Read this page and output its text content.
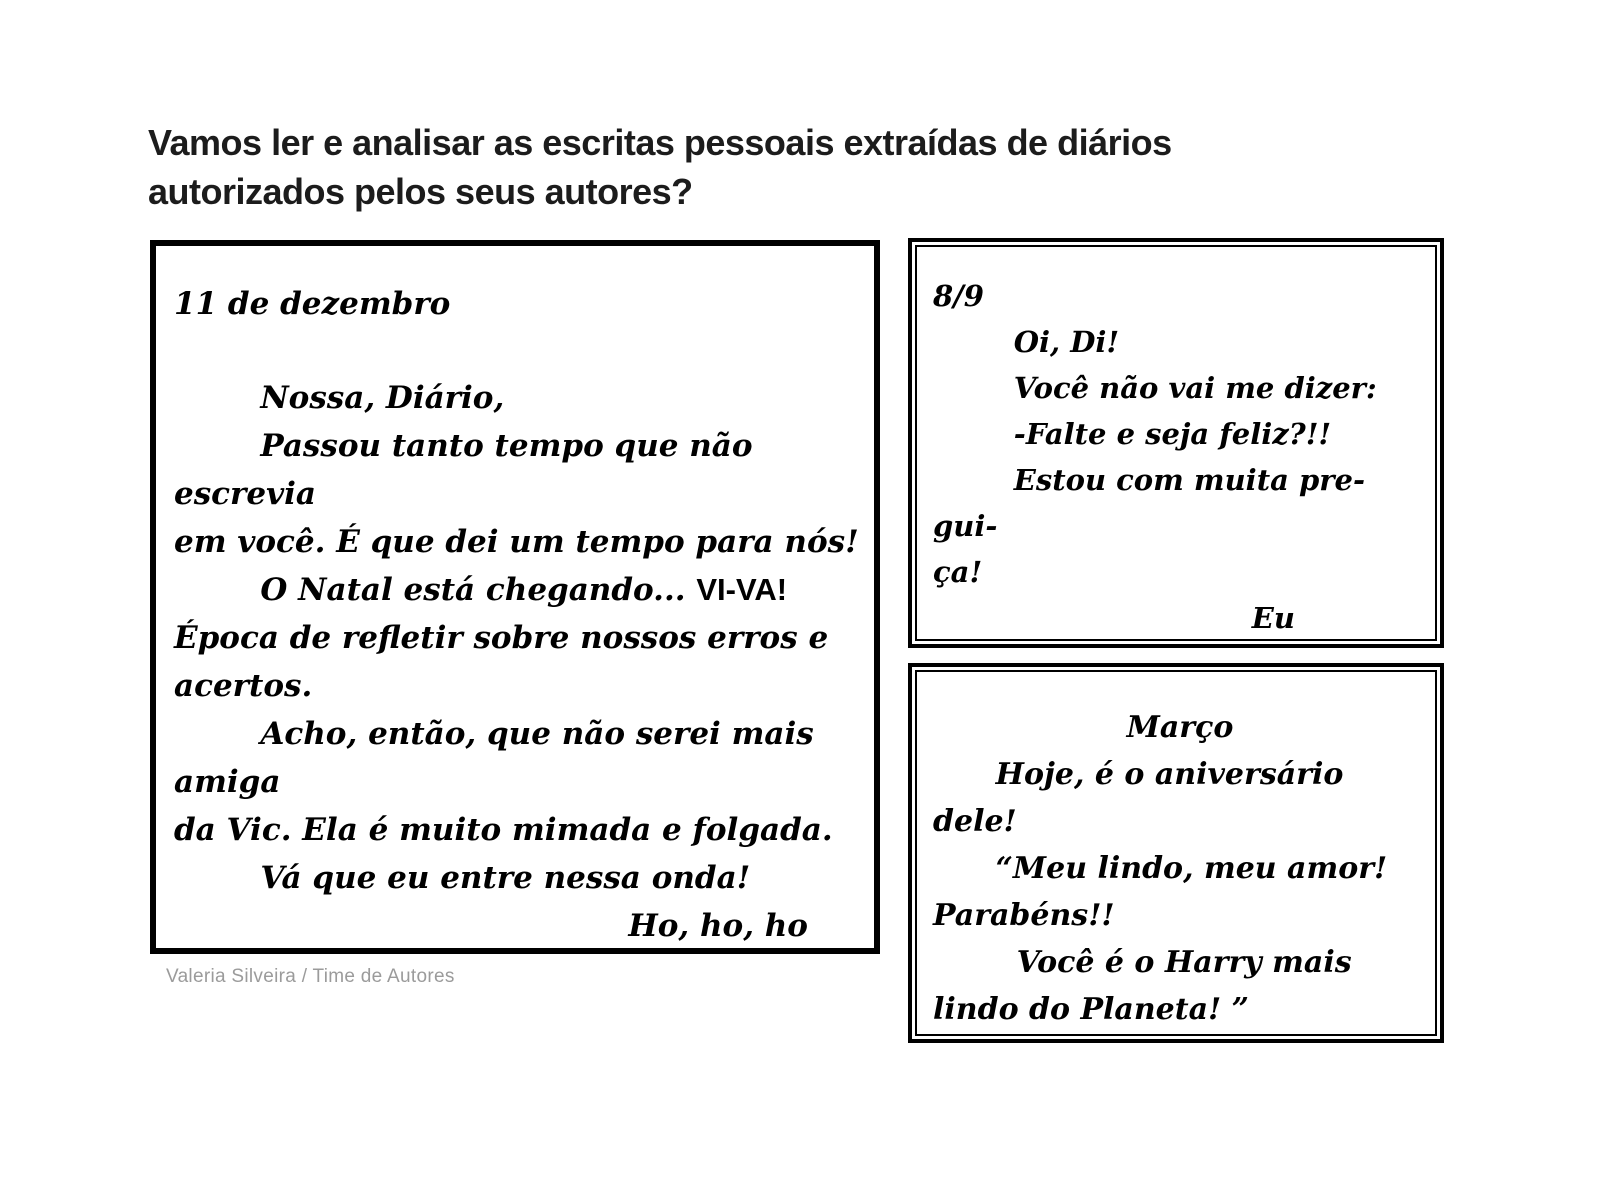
Vamos ler e analisar as escritas pessoais extraídas de diários
autorizados pelos seus autores?
11 de dezembro
Nossa, Diário,
Passou tanto tempo que não escrevia
em você. É que dei um tempo para nós!
O Natal está chegando... VI-VA!
Época de refletir sobre nossos erros e
acertos.
Acho, então, que não serei mais amiga
da Vic. Ela é muito mimada e folgada.
Vá que eu entre nessa onda!
Ho, ho, ho
8/9
Oi, Di!
Você não vai me dizer:
-Falte e seja feliz?!!
Estou com muita pre-gui-
ça!
Eu
Março
Hoje, é o aniversário dele!
“Meu lindo, meu amor!
Parabéns!!
Você é o Harry mais
lindo do Planeta! ”
Valeria Silveira / Time de Autores
